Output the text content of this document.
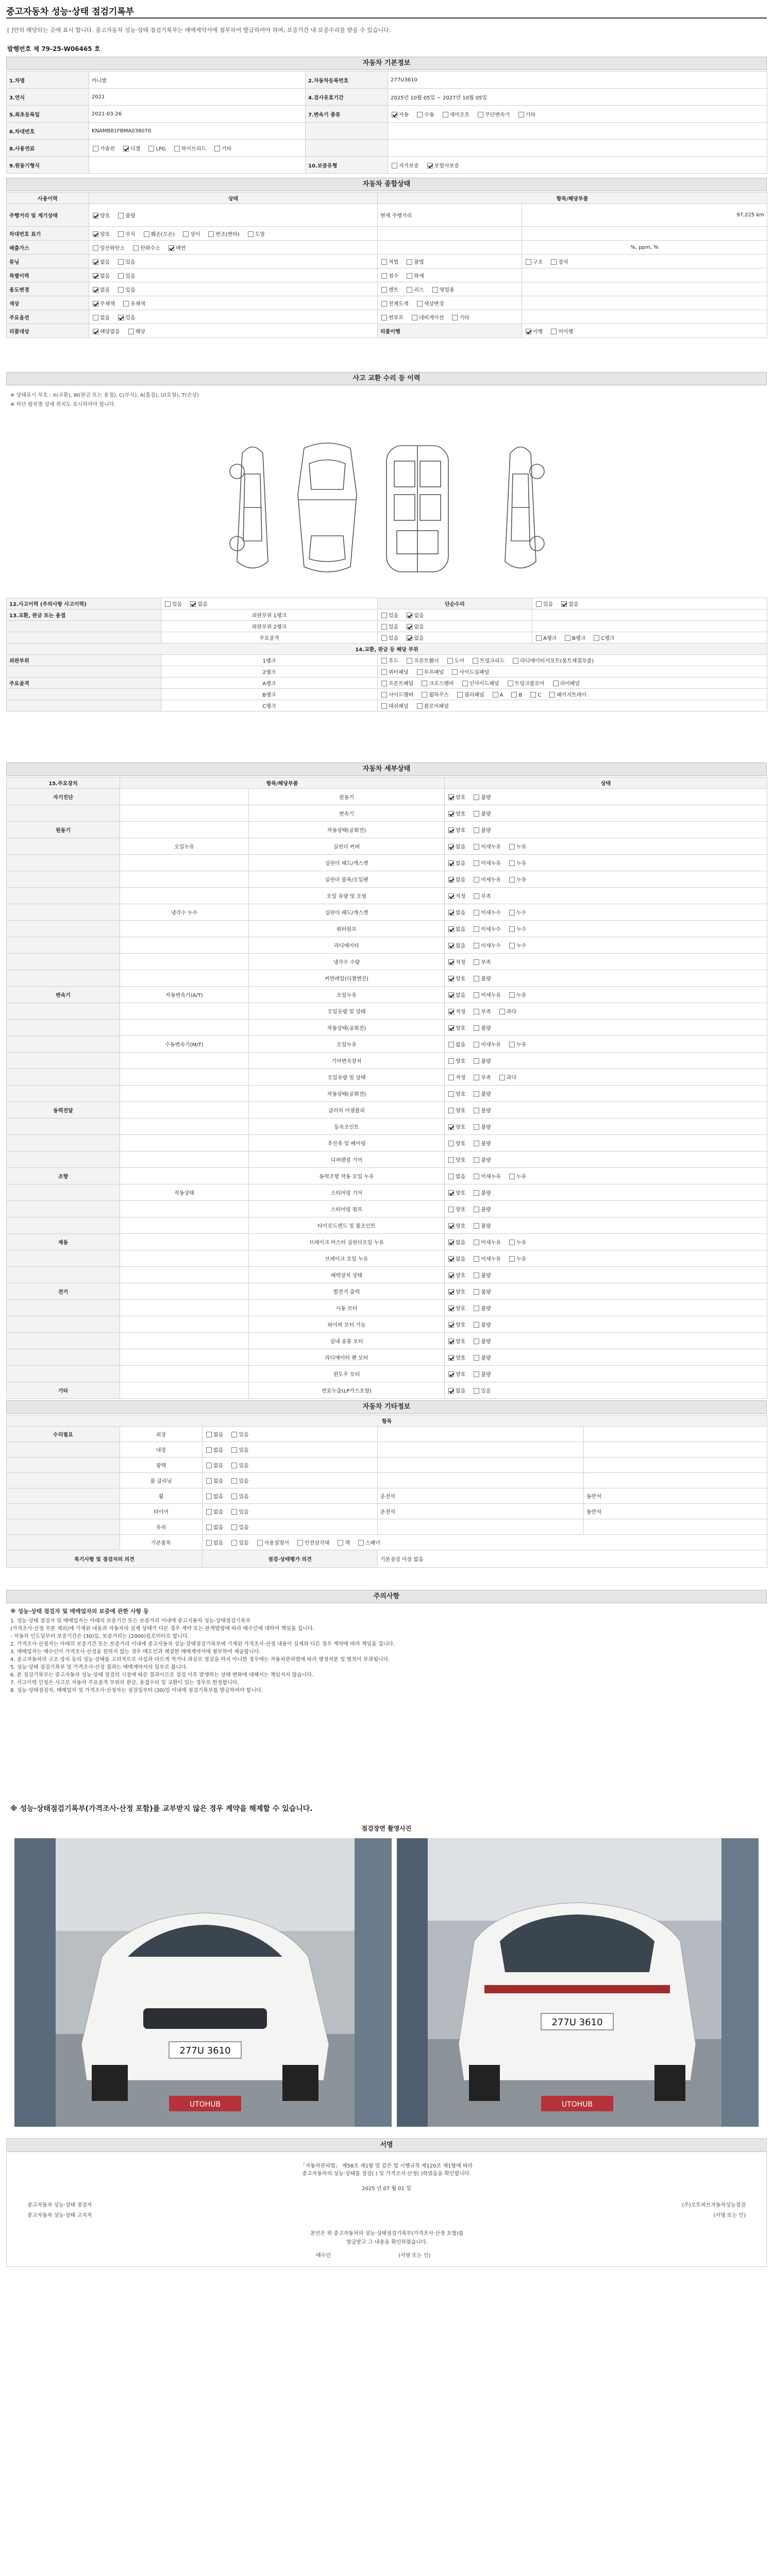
중고자동차 성능·상태 점검기록부
[ ]안의 해당되는 곳에 표시 합니다. 중고자동차 성능·상태 점검기록부는 매매계약서에 첨부하여 발급하여야 하며, 보증기간 내 보증수리를 받을 수 있습니다.
발행번호 제 79-25-W06465 호
자동차 기본정보
1.차명	카니발	2.자동차등록번호	277U3610
3.연식	2021	4.검사유효기간	2025년 10월 05일 ~ 2027년 10월 05일
5.최초등록일	2021-03-26	7.변속기 종류	자동 수동 세미오토 무단변속기 기타
6.차대번호	KNAMB81FBMA038070		
8.사용연료	가솔린 디젤 LPG 하이브리드 기타		
9.원동기형식		10.보증유형	자가보증 보험사보증
자동차 종합상태
사용이력	상태	항목/해당부품	
주행거리 및 계기상태	양호 불량	현재 주행거리	97,225 km
차대번호 표기	양호 부식 훼손(오손) 상이 변조(변타) 도말		
배출가스	일산화탄소 탄화수소 매연		%, ppm, %
튜닝	없음 있음	적법 불법	구조 장치
특별이력	없음 있음	침수 화재	
용도변경	없음 있음	렌트 리스 영업용	
색상	무채색 유채색	전체도색 색상변경	
주요옵션	없음 있음	썬루프 네비게이션 기타	
리콜대상	해당없음 해당	리콜이행	이행 미이행
사고 교환 수리 등 이력
※ 상태표시 부호 : X(교환), W(판금 또는 용접), C(부식), A(흠집), U(요철), T(손상)
※ 하단 항목별 상세 위치도 표시하여야 합니다.
12.사고이력 (주의사항 사고이력)	있음 없음	단순수리	있음 없음
13.교환, 판금 또는 용접	외판부위 1랭크	있음 없음	
	외판부위 2랭크	있음 없음	
	주요골격	있음 없음	A랭크 B랭크 C랭크
14.교환, 판금 등 해당 부위			
외판부위	1랭크	후드 프론트휀더 도어 트렁크리드 라디에이터서포트(볼트체결부품)	
	2랭크	쿼터패널 루프패널 사이드실패널	
주요골격	A랭크	프론트패널 크로스멤버 인사이드패널 트렁크플로어 리어패널	
	B랭크	사이드멤버 휠하우스 필러패널 A B C 패키지트레이	
	C랭크	대쉬패널 플로어패널	
자동차 세부상태
15.주요장치	항목/해당부품		상태
자기진단		원동기	양호 불량
		변속기	양호 불량
원동기		작동상태(공회전)	양호 불량
	오일누유	실린더 커버	없음 미세누유 누유
		실린더 헤드/개스켓	없음 미세누유 누유
		실린더 블록/오일팬	없음 미세누유 누유
		오일 유량 및 오염	적정 부족
	냉각수 누수	실린더 헤드/개스켓	없음 미세누수 누수
		워터펌프	없음 미세누수 누수
		라디에이터	없음 미세누수 누수
		냉각수 수량	적정 부족
		커먼레일(디젤엔진)	양호 불량
변속기	자동변속기(A/T)	오일누유	없음 미세누유 누유
		오일유량 및 상태	적정 부족 과다
		작동상태(공회전)	양호 불량
	수동변속기(M/T)	오일누유	없음 미세누유 누유
		기어변속장치	양호 불량
		오일유량 및 상태	적정 부족 과다
		작동상태(공회전)	양호 불량
동력전달		클러치 어셈블리	양호 불량
		등속조인트	양호 불량
		추진축 및 베어링	양호 불량
		디퍼렌셜 기어	양호 불량
조향		동력조향 작동 오일 누유	없음 미세누유 누유
	작동상태	스티어링 기어	양호 불량
		스티어링 펌프	양호 불량
		타이로드엔드 및 볼조인트	양호 불량
제동		브레이크 마스터 실린더오일 누유	없음 미세누유 누유
		브레이크 오일 누유	없음 미세누유 누유
		배력장치 상태	양호 불량
전기		발전기 출력	양호 불량
		시동 모터	양호 불량
		와이퍼 모터 기능	양호 불량
		실내 송풍 모터	양호 불량
		라디에이터 팬 모터	양호 불량
		윈도우 모터	양호 불량
기타		연료누출(LP가스포함)	없음 있음
자동차 기타정보
항목				
수리필요	외장	없음 있음		
	내장	없음 있음		
	광택	없음 있음		
	룸 클리닝	없음 있음		
	휠	없음 있음	운전석	동반석
	타이어	없음 있음	운전석	동반석
	유리	없음 있음		
	기본품목	없음 있음 사용설명서 안전삼각대 잭 스패너		
특기사항 및 점검자의 의견		점검·상태평가 의견	기본점검 이상 없음	
주의사항
※ 성능·상태 점검자 및 매매업자의 보증에 관한 사항 등
1. 성능·상태 점검자 및 매매업자는 아래의 보증기간 또는 보증거리 이내에 중고자동차 성능·상태점검기록부
(가격조사·산정 부분 제외)에 기재된 내용과 자동차의 실제 상태가 다른 경우 계약 또는 관계법령에 따라 매수인에 대하여 책임을 집니다.
- 자동차 인도일부터 보증기간은 (30)일, 보증거리는 (2000)킬로미터로 합니다.
2. 가격조사·산정자는 아래의 보증기간 또는 보증거리 이내에 중고자동차 성능·상태점검기록부에 기재된 가격조사·산정 내용이 실제와 다른 경우 계약에 따라 책임을 집니다.
3. 매매업자는 매수인이 가격조사·산정을 원하지 않는 경우 매도인과 체결한 매매계약서에 첨부하여 제공합니다.
4. 중고자동차의 구조·장치 등의 성능·상태를 고의적으로 사실과 다르게 적거나 과실로 점검을 하지 아니한 경우에는 자동차관리법에 따라 행정처분 및 벌칙이 부과됩니다.
5. 성능·상태 점검기록부 및 가격조사·산정 결과는 매매계약서의 일부로 봅니다.
6. 본 점검기록부는 중고자동차 성능·상태 점검의 시점에 따른 결과이므로 점검 이후 발생하는 상태 변화에 대해서는 책임지지 않습니다.
7. 사고이력 인정은 사고로 자동차 주요골격 부위의 판금, 용접수리 및 교환이 있는 경우로 한정합니다.
8. 성능·상태점검자, 매매업자 및 가격조사·산정자는 점검일부터 (30)일 이내에 점검기록부를 발급하여야 합니다.
※ 성능·상태점검기록부(가격조사·산정 포함)를 교부받지 않은 경우 계약을 해제할 수 있습니다.
점검장면 촬영사진
277U 3610
UTOHUB
277U 3610
UTOHUB
서명
「자동차관리법」 제58조 제1항 및 같은 법 시행규칙 제120조 제1항에 따라
중고자동차의 성능·상태를 점검( ) 및 가격조사·산정( )하였음을 확인합니다.
2025 년 07 월 01 일
중고자동차 성능·상태 점검자	(주)오토허브자동차성능점검
중고자동차 성능·상태 고지자	(서명 또는 인)
본인은 위 중고자동차의 성능·상태점검기록부(가격조사·산정 포함)를
발급받고 그 내용을 확인하였습니다.
매수인	(서명 또는 인)
